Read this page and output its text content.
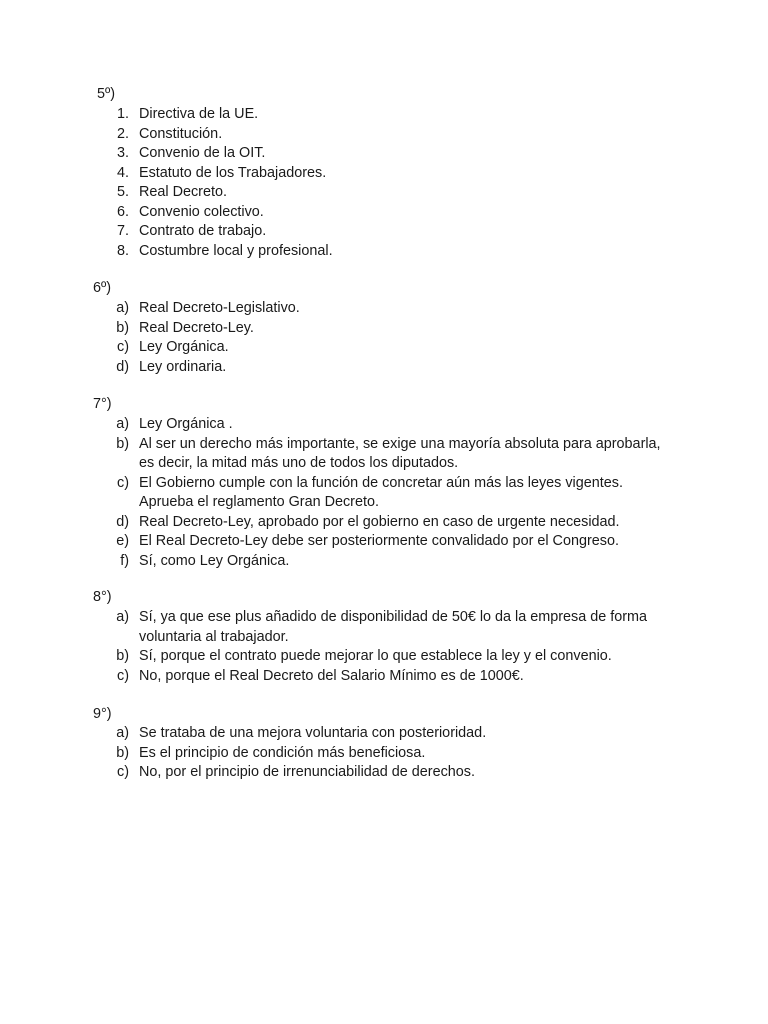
5º)
1. Directiva de la UE.
2. Constitución.
3. Convenio de la OIT.
4. Estatuto de los Trabajadores.
5. Real Decreto.
6. Convenio colectivo.
7. Contrato de trabajo.
8. Costumbre local y profesional.
6º)
a) Real Decreto-Legislativo.
b) Real Decreto-Ley.
c) Ley Orgánica.
d) Ley ordinaria.
7°)
a) Ley Orgánica .
b) Al ser un derecho más importante, se exige una mayoría absoluta para aprobarla, es decir, la mitad más uno de todos los diputados.
c) El Gobierno cumple con la función de concretar aún más las leyes vigentes. Aprueba el reglamento Gran Decreto.
d) Real Decreto-Ley, aprobado por el gobierno en caso de urgente necesidad.
e) El Real Decreto-Ley debe ser posteriormente convalidado por el Congreso.
f) Sí, como Ley Orgánica.
8°)
a) Sí, ya que ese plus añadido de disponibilidad de 50€ lo da la empresa de forma voluntaria al trabajador.
b) Sí, porque el contrato puede mejorar lo que establece la ley y el convenio.
c) No, porque el Real Decreto del Salario Mínimo es de 1000€.
9°)
a) Se trataba de una mejora voluntaria con posterioridad.
b) Es el principio de condición más beneficiosa.
c) No, por el principio de irrenunciabilidad de derechos.
